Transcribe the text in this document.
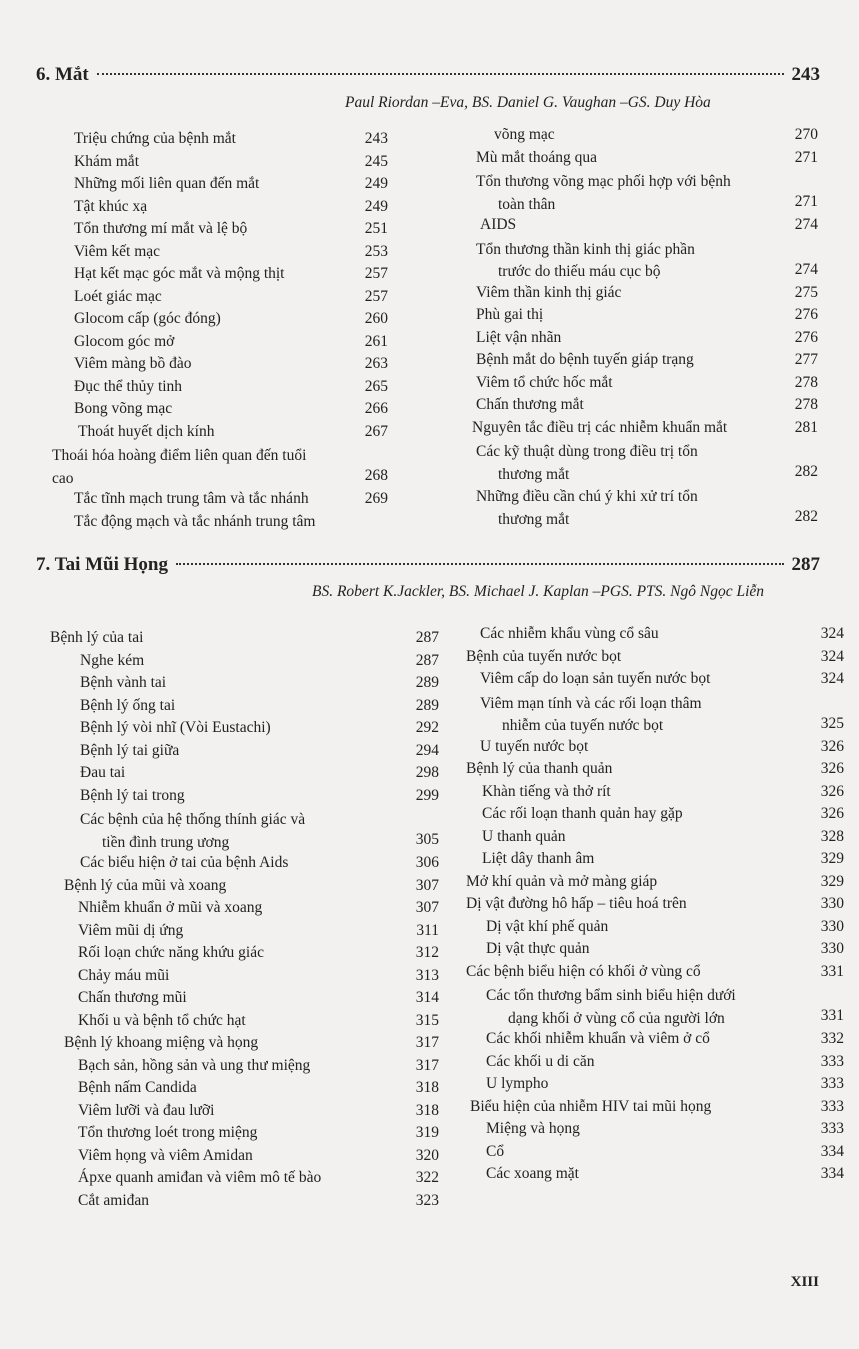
6. Mắt	243
Paul Riordan –Eva, BS. Daniel G. Vaughan –GS. Duy Hòa
Triệu chứng của bệnh mắt	243
Khám mắt	245
Những mối liên quan đến mắt	249
Tật khúc xạ	249
Tổn thương mí mắt và lệ bộ	251
Viêm kết mạc	253
Hạt kết mạc góc mắt và mộng thịt	257
Loét giác mạc	257
Glocom cấp (góc đóng)	260
Glocom góc mở	261
Viêm màng bồ đào	263
Đục thể thủy tinh	265
Bong võng mạc	266
Thoát huyết dịch kính	267
Thoái hóa hoàng điểm liên quan đến tuổi
cao	268
Tắc tĩnh mạch trung tâm và tắc nhánh	269
Tắc động mạch và tắc nhánh trung tâm
võng mạc	270
Mù mắt thoáng qua	271
Tổn thương võng mạc phối hợp với bệnh
toàn thân	271
AIDS	274
Tổn thương thần kinh thị giác phần
trước do thiếu máu cục bộ	274
Viêm thần kinh thị giác	275
Phù gai thị	276
Liệt vận nhãn	276
Bệnh mắt do bệnh tuyến giáp trạng	277
Viêm tổ chức hốc mắt	278
Chấn thương mắt	278
Nguyên tắc điều trị các nhiễm khuẩn mắt	281
Các kỹ thuật dùng trong điều trị tổn
thương mắt	282
Những điều cần chú ý khi xử trí tổn
thương mắt	282
7. Tai Mũi Họng	287
BS. Robert K.Jackler, BS. Michael J. Kaplan –PGS. PTS. Ngô Ngọc Liễn
Bệnh lý của tai	287
Nghe kém	287
Bệnh vành tai	289
Bệnh lý ống tai	289
Bệnh lý vòi nhĩ (Vòi Eustachi)	292
Bệnh lý tai giữa	294
Đau tai	298
Bệnh lý tai trong	299
Các bệnh của hệ thống thính giác và
tiền đình trung ương	305
Các biểu hiện ở tai của bệnh Aids	306
Bệnh lý của mũi và xoang	307
Nhiễm khuẩn ở mũi và xoang	307
Viêm mũi dị ứng	311
Rối loạn chức năng khứu giác	312
Chảy máu mũi	313
Chấn thương mũi	314
Khối u và bệnh tổ chức hạt	315
Bệnh lý khoang miệng và họng	317
Bạch sản, hồng sản và ung thư miệng	317
Bệnh nấm Candida	318
Viêm lưỡi và đau lưỡi	318
Tổn thương loét trong miệng	319
Viêm họng và viêm Amidan	320
Ápxe quanh amiđan và viêm mô tế bào	322
Cắt amiđan	323
Các nhiễm khẩu vùng cổ sâu	324
Bệnh của tuyến nước bọt	324
Viêm cấp do loạn sản tuyến nước bọt	324
Viêm mạn tính và các rối loạn thâm
nhiễm của tuyến nước bọt	325
U tuyến nước bọt	326
Bệnh lý của thanh quản	326
Khàn tiếng và thở rít	326
Các rối loạn thanh quản hay gặp	326
U thanh quản	328
Liệt dây thanh âm	329
Mở khí quản và mở màng giáp	329
Dị vật đường hô hấp – tiêu hoá trên	330
Dị vật khí phế quản	330
Dị vật thực quản	330
Các bệnh biểu hiện có khối ở vùng cổ	331
Các tổn thương bẩm sinh biểu hiện dưới
dạng khối ở vùng cổ của người lớn	331
Các khối nhiễm khuẩn và viêm ở cổ	332
Các khối u di căn	333
U lympho	333
Biểu hiện của nhiễm HIV tai mũi họng	333
Miệng và họng	333
Cổ	334
Các xoang mặt	334
XIII
